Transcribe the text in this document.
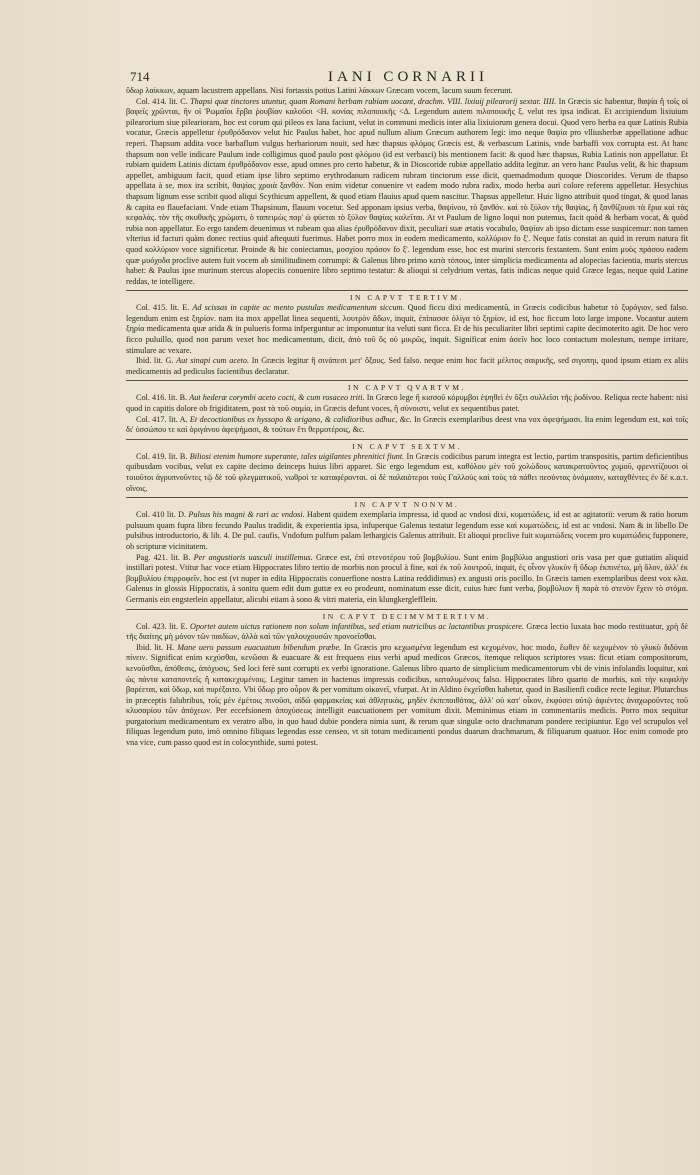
714	IANI CORNARII

ὕδωρ λαίκκων, aquam lacustrem appellans. Nisi fortassis potius Latini λάκκων Græcam vocem, lacum suum fecerunt.

Col. 414. lit. C. Thapsi quæ tinctores utuntur, quam Romani herbam rubiam uocant, drachm. VIII. lixiuij pilearorij sextar. IIII. In Græcis sic habentur, θαψία ἢ τοῖς οἱ βαφεῖς χρῶνται, ἣν οἱ Ῥωμαῖοι ἔρβα ῥουβίαν καλοῦσι <Η. κονίας πιλοποιικῆς <Δ. Legendum autem πιλοποιικῆς ξ. velut res ipsa indicat. Et accipiendum lixiuium pilearorium siue pilearioram, hoc est corum qui pileos ex lana faciunt, velut in communi medicis inter alia lixiuiorum genera docui. Quod vero herba ea quæ Latinis Rubia vocatur, Græcis appelletur ἐρυθρόδανον velut hic Paulus habet, hoc apud nullum alium Græcum authorem legi: imo neque θαψία pro vlliusherbæ appellatione adhuc reperi. Thapsum addita voce barbaflum vulgus herbariorum nouit, sed hæc thapsus φλόμος Græcis est, & verbascum Latinis, vnde barbaffi vox corrupta est. At hanc thapsum non velle indicare Paulum inde colligimus quod paulo post φλόμου (id est verbasci) bis mentionem facit: & quod hæc thapsus, Rubia Latinis non appellatur. Et rubiam quidem Latinis dictam ἐρυθρόδανον esse, apud omnes pro certo habetur, & in Dioscoride rubiæ appellatio addita legitur. an vero hanc Paulus velit, & hic thapsum appellet, ambiguum facit, quod etiam ipse libro septimo erythrodanum radicem rubram tinctorum esse dicit, quemadmodum quoque Dioscorides. Verum de thapso appellata à se, mox ira scribit, θαψίας χροιὰ ξανθόν. Non enim videtur conuenire vt eadem modo rubra radix, modo herba auri colore referens appelletur. Hesychius thapsum lignum esse scribit quod aliqui Scythicum appellent, & quod etiam flauius apud quem nascitur. Thapsus appelletur. Huic ligno attribuit quod tingat, & quod lanas & capita eo flauefaciant. Vnde etiam Thapsinum, flauum vocetur. Sed apponam ipsius verba, θαψίνου, τὸ ξανθόν. καὶ τὸ ξύλον τῆς θαψίας, ἢ ξανθίζουσι τὰ ἔρια καὶ τὰς κεφαλάς. τὸν τῆς σκυθικῆς χρώματι, ὁ ταπειμὼς παρ' ὡ φύεται τὸ ξύλον θαψίας καλεῖται. At vt Paulum de ligno loqui non putemus, facit quòd & herbam vocat, & quòd rubia non appellatur. Eo ergo tandem deuenimus vt rubeam qua alias ἐρυθρόδανον dixit, peculiari suæ ætatis vocabulo, θαψίαν ab ipso dictam esse suspicemur: non tamen vlterius id facturi quàm donec rectius quid aftequuti fuerimus. Habet porro mox in eodem medicamento, κολλύριον fo ξ'. Neque fatis constat an quid in rerum natura fit quod κολλύριον voce significetur. Proinde & hic coniectamus, μοσχίου πράσον fo ξ'. legendum esse, hoc est murini stercoris fextantem. Sunt enim μυὸς πράσου eadem quæ μυόχοδα proclive autem fuit vocem ab similitudinem corrumpi: & Galenus libro primo κατὰ τόπους, inter simplicia medicamenta ad alopecias facientia, muris stercus habet: & Paulus ipse murinum stercus alopeciis conuenire libro septimo testatur: & alioqui si celydrium vertas, fatis indicas neque quid Græce legas, neque quid Latine reddas, te intelligere.

IN CAPVT TERTIVM.

Col. 415. lit. E. Ad scissas in capite ac mento pustulas medicamentum siccum. Quod ficcu dixi medicamentũ, in Græcis codicibus habetur τὸ ξυρόγιον, sed falso. legendum enim est ξηρίον. nam ita mox appellat linea sequenti, λουτρὸν ἄδων, inquit, ἐπίπασσε ὀλίγα τὸ ξηρίον, id est, hoc ficcum loto large impone. Vocantur autem ξηρία medicamenta quæ arida & in pulueris forma infperguntur ac imponuntur ita veluti sunt ficca. Et de his peculiariter libri septimi capite decimoterito agit. De hoc vero ficco puluillo, quod non parum vexet hoc medicamentum, dicit, ἀπὸ τοῦ ὃς οὐ μικρῶς, inquit. Significat enim ἀσεῖν hoc loco contactum molestum, nempe irritare, stimulare ac vexare.

Ibid. lit. G. Aut sinapi cum aceto. In Græcis legitur ἢ σινάπεσι μετ' ὄξους. Sed falso. neque enim hoc facit μέλιτος σαιρικῆς, sed σιγοπηι, quod ipsum etiam ex aliis medicamentis ad pediculos facientibus declaratur.

IN CAPVT QVARTVM.

Col. 416. lit. B. Aut hederæ corymbi aceto cocti, & cum rosaceo triti. In Græco lege ἢ κισσοῦ κόρυμβοι ἑψηθεὶ ἐν ὄξει συλλεῖσι τῆς ῥοδίνου. Reliqua recte habent: nisi quod in capitis dolore ob frigiditatem, post τὰ τοῦ σαμία, in Græcis defunt voces, ἢ σύνοιστι, velut ex sequentibus patet.

Col. 417. lit. A. Et decoctionibus ex hyssopo & origano, & calidioribus adhuc, &c. In Græcis exemplaribus deest vna vox ἀφεψήμασι. Ita enim legendum est, καὶ τοῖς δι' ὑσσώπου τε καὶ ὀριγάνου ἀφεψήμασι, & τούτων ἔτι θερμοτέροις, &c.

IN CAPVT SEXTVM.

Col. 419. lit. B. Biliosi etenim humore superante, tales uigilantes phrenitici fiunt. In Græcis codicibus parum integra est lectio, partim transpositis, partim deficientibus quibusdam vocibus, velut ex capite decimo deinceps huius libri apparet. Sic ergo legendum est, καθόλου μὲν τοῦ χολώδους κατακρατοῦντος χυμοῦ, φρενιτίζουσι οἱ τοιοῦτοι ἀγρυπνοῦντες τῷ δὲ τοῦ φλεγματικοῦ, νωθροὶ τε καταφέρονται. οἱ δὲ παλαιότεροι τοὺς Γαλλοὺς καὶ τοὺς τὰ πάθει πεσόντας ὀνόμασιν, καταχθέντες ἐν δὲ κ.α.τ. οἴνοις.

IN CAPVT NONVM.

Col. 410 lit. D. Pulsus his magni & rari ac vndosi. Habent quidem exemplaria impressa, id quod ac vndosi dixi, κυματώδεις, id est ac agitatorii: verum & ratio horum pulsuum quam fupra libro fecundo Paulus tradidit, & experientia ipsa, infuperque Galenus testatur legendum esse καὶ κυματώδεις, id est ac vndosi. Nam & in libello De pulsibus introductorio, & lib. 4. De pul. caufis, Vndofum pulfum palam lethargicis Galenus attribuit. Et alioqui proclive fuit κυματώδεις vocem pro κυματώδεις fupponere, ob scripturæ vicinitatem.

Pag. 421. lit. B. Per angustioris uasculi instillemus. Græce est, ἐπὶ στενοτέρου τοῦ βομβυλίου. Sunt enim βομβύλια angustiori oris vasa per quæ guttatim aliquid instillari potest. Vtitur hac voce etiam Hippocrates libro tertio de morbis non procul à fine, καὶ ἐκ τοῦ λουτροῦ, inquit, ἐς οἶνον γλυκὺν ἢ ὕδωρ ἐκπινέτω, μὴ ὅλον, ἀλλ' ἐκ βομβυλίου ἐπιρροφεῖν. hoc est (vt nuper in edita Hippocratis conuerfione nostra Latina reddidimus) ex angusti oris pocillo. In Græcis tamen exemplaribus deest vox κλα. Galenus in glossis Hippocratis, à sonitu quem edit dum guttæ ex eo prodeunt, nominatum esse dicit, cuius hæc funt verba, βομβύλιον ἢ παρὰ τὸ στενὸν ἔχειν τὸ στόμα. Germanis ein engsterlein appellatur, alicubi etiam à sono & vitri materia, ein klungkerglefflein.

IN CAPVT DECIMVMTERTIVM.

Col. 423. lit. E. Oportet autem uictus rationem non solum infantibus, sed etiam nutricibus ac lactantibus prospicere. Græca lectio luxata hoc modo restituatur, χρὴ δὲ τῆς διαίτης μὴ μόνον τῶν παιδίων, ἀλλὰ καὶ τῶν γαλουχουσῶν προνοεῖσθαι.

Ibid. lit. H. Mane uero passum euacuatum bibendum præbe. In Græcis pro κεχωσμένα legendum est κεχυμένον, hoc modo, ἕωθεν δὲ κεχυμένον τὸ γλυκὺ διδόναι πίνειν. Significat enim κεχύσθαι, κενῶσαι & euacuare & est frequens eius verbi apud medicos Græcos, itemque reliquos scriptores vsus: ficut etiam compositorum, κενοῦσθαι, ἀπόθεσις, ἀπόχυσις. Sed loci ferè sunt corrupti ex verbi ignoratione. Galenus libro quarto de simplicium medicamentorum vbi de vinis infolandis loquitur, καὶ ὡς πάντα καταποντεῖς ἢ κατακεχυμένοις. Legitur tamen in hactenus impressis codicibus, καταλυμένοις falso. Hippocrates libro quarto de morbis, καὶ τὴν κεφαλὴν βαρέεται, καὶ ὕδωρ, καὶ πυρέξαιτο. Vbi ὕδωρ pro οὖρον & per vomitum οἰκανεῖ, vfurpat. At in Aldino ἐκχεῖσθαι habetur, quod in Basilienfi codice recte legitur. Plutarchus in præceptis falubribus, τοῖς μὲν ἐμέτοις πινοῦσι, αἰδῶ φαρμακείας καὶ ἀθλητικὰς, μηδὲν ἐκπεποιθότας, ἀλλ' οὐ κατ' οἶκον, ἐκφύσει αὐτῷ ἀφιέντες ἀναχωροῦντες τοῦ κλυσαρίου τῶν ἀπόχεων. Per eccefsionem ἀποχύσεως intelligit euacuationem per vomitum dixit. Meminimus etiam in commentariis medicis. Porro mox sequitur purgatorium medicamentum ex veratro albo, in quo haud dubie pondera nimia sunt, & rerum quæ singulæ octo drachmarum pondere recipiuntur. Ego vel scrupulos vel filiquas legendum puto, imò omnino filiquas legendas esse censeo, vt sit totum medicamenti pondus duarum drachmarum, & filiquarum quatuor. Hoc enim comode pro vna vice, cum passo quod est in colocynthide, sumi potest.
